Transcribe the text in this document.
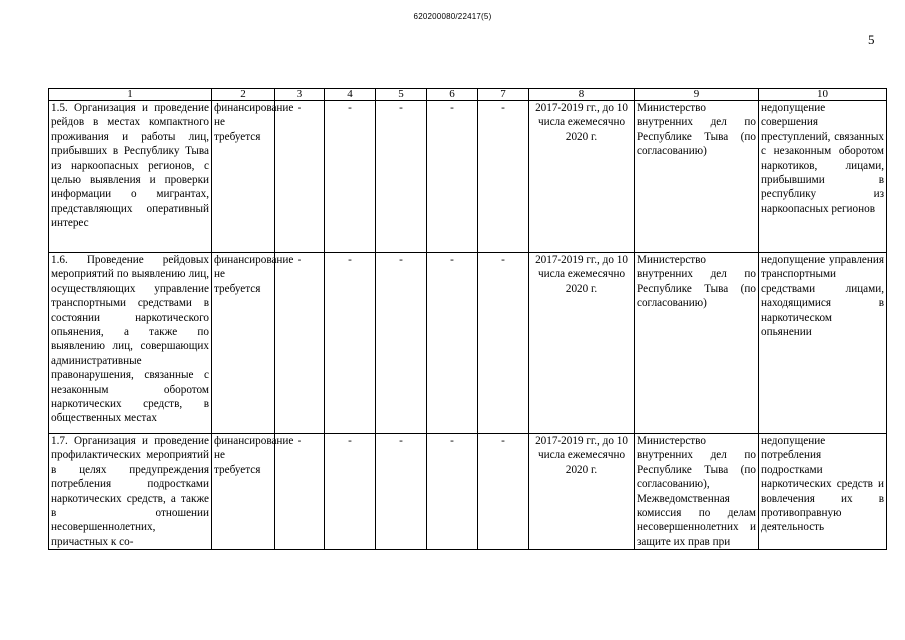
620200080/22417(5)
5
1	2	3	4	5	6	7	8	9	10
1.5. Организация и проведение рейдов в местах компактного проживания и работы лиц, прибывших в Республику Тыва из наркоопасных регионов, с целью выявления и проверки информации о мигрантах, представляющих оперативный интерес	финансирование не требуется	-	-	-	-	-	2017-2019 гг., до 10 числа ежемесячно 2020 г.	Министерство внутренних дел по Республике Тыва (по согласованию)	недопущение совершения преступлений, связанных с незаконным оборотом наркотиков, лицами, прибывшими в республику из наркоопасных регионов
1.6. Проведение рейдовых мероприятий по выявлению лиц, осуществляющих управление транспортными средствами в состоянии наркотического опьянения, а также по выявлению лиц, совершающих административные правонарушения, связанные с незаконным оборотом наркотических средств, в общественных местах	финансирование не требуется	-	-	-	-	-	2017-2019 гг., до 10 числа ежемесячно 2020 г.	Министерство внутренних дел по Республике Тыва (по согласованию)	недопущение управления транспортными средствами лицами, находящимися в наркотическом опьянении
1.7. Организация и проведение профилактических мероприятий в целях предупреждения потребления подростками наркотических средств, а также в отношении несовершеннолетних, причастных к со-	финансирование не требуется	-	-	-	-	-	2017-2019 гг., до 10 числа ежемесячно 2020 г.	Министерство внутренних дел по Республике Тыва (по согласованию), Межведомственная комиссия по делам несовершеннолетних и защите их прав при	недопущение потребления подростками наркотических средств и вовлечения их в противоправную деятельность
